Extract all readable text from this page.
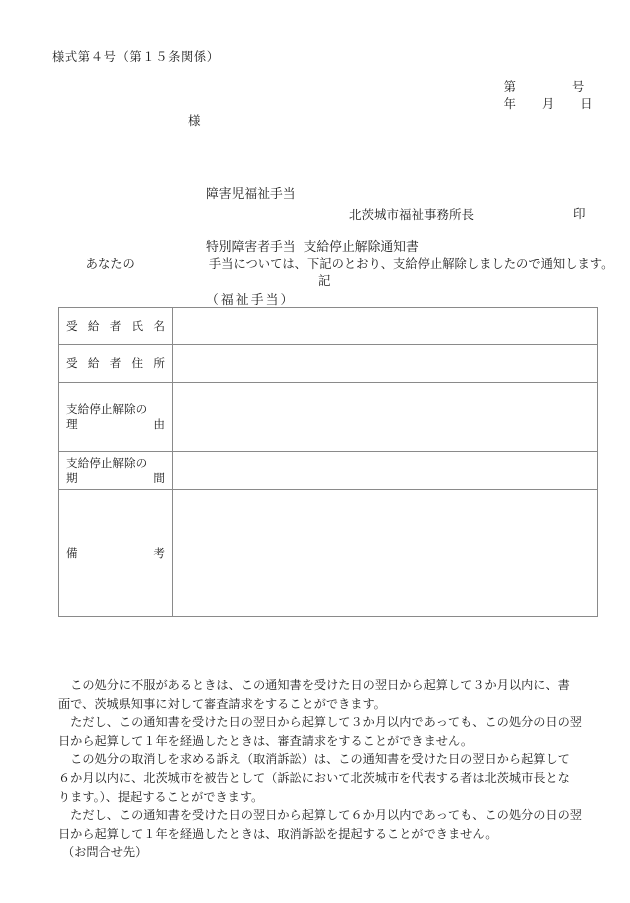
様式第４号（第１５条関係）

第	号

年 月 日

様

障害児福祉手当

特別障害者手当 支給停止解除通知書

（福祉手当）

北茨城市福祉事務所長	印

あなたの	手当については、下記のとおり、支給停止解除しましたので通知します。

記
受給者氏名	

受給者住所	

支給停止解除の
理由	

支給停止解除の
期間	

備考	

　この処分に不服があるときは、この通知書を受けた日の翌日から起算して３か月以内に、書面で、茨城県知事に対して審査請求をすることができます。

　ただし、この通知書を受けた日の翌日から起算して３か月以内であっても、この処分の日の翌日から起算して１年を経過したときは、審査請求をすることができません。

　この処分の取消しを求める訴え（取消訴訟）は、この通知書を受けた日の翌日から起算して６か月以内に、北茨城市を被告として（訴訟において北茨城市を代表する者は北茨城市長となります。）、提起することができます。

　ただし、この通知書を受けた日の翌日から起算して６か月以内であっても、この処分の日の翌日から起算して１年を経過したときは、取消訴訟を提起することができません。

（お問合せ先）
